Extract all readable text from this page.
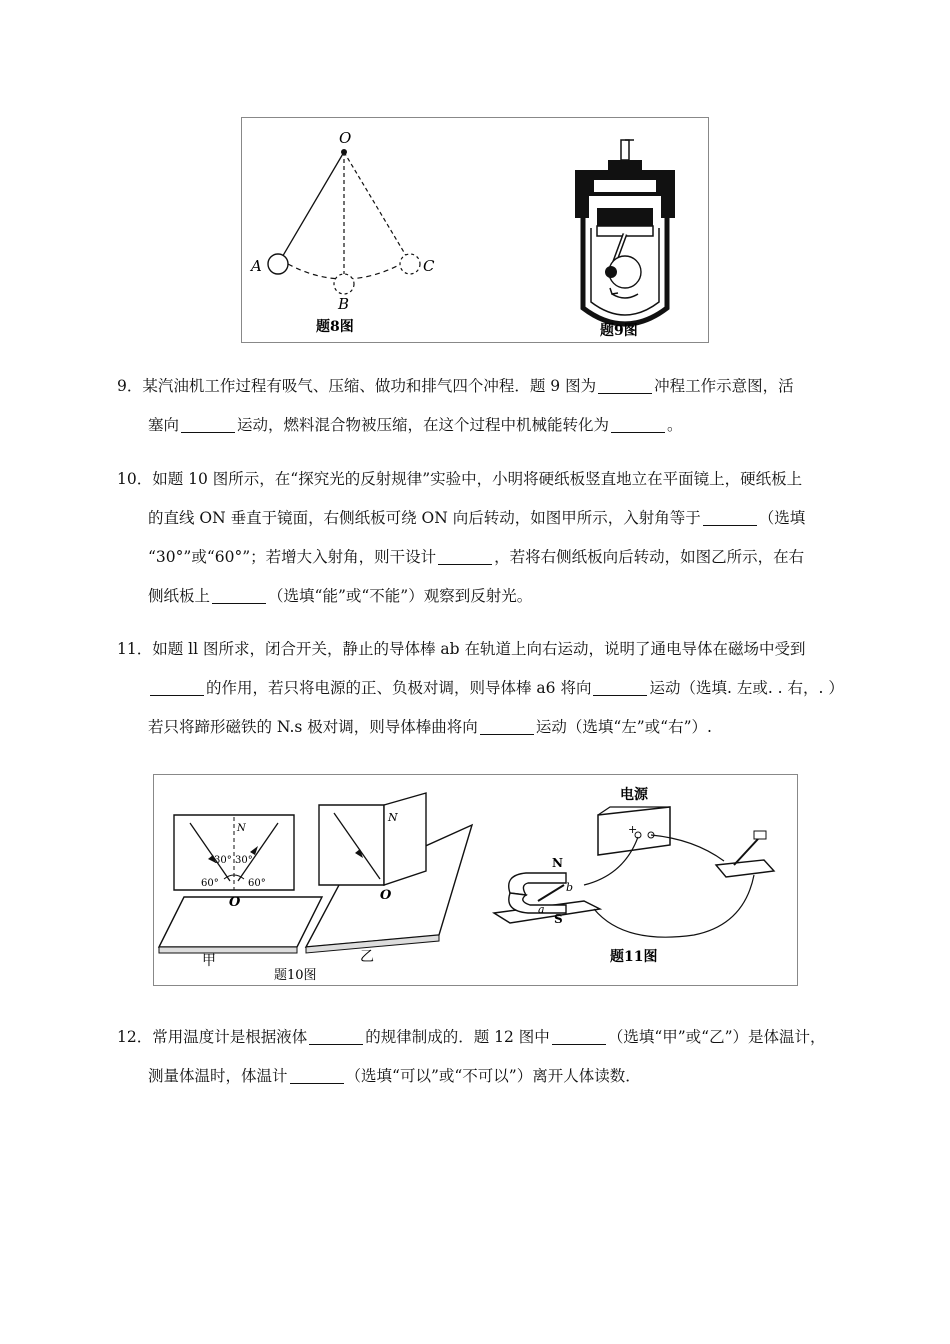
O
A
B
C
题8图	题9图
9．某汽油机工作过程有吸气、压缩、做功和排气四个冲程．题 9 图为	冲程工作示意图，活
塞向	运动，燃料混合物被压缩，在这个过程中机械能转化为	。
10．如题 10 图所示，在“探究光的反射规律”实验中，小明将硬纸板竖直地立在平面镜上，硬纸板上
的直线 ON 垂直于镜面，右侧纸板可绕 ON 向后转动，如图甲所示，入射角等于	（选填
“30°”或“60°”；若增大入射角，则干设计	，若将右侧纸板向后转动，如图乙所示，在右
侧纸板上	（选填“能”或“不能”）观察到反射光。
11．如题 ll 图所求，闭合开关，静止的导体棒 ab 在轨道上向右运动，说明了通电导体在磁场中受到
的作用，若只将电源的正、负极对调，则导体棒 a6 将向	运动（选填. 左或. . 右，. ）
若只将蹄形磁铁的 N.s 极对调，则导体棒曲将向	运动（选填“左”或“右”）.
N
30° 30°
60°	60°
O
甲
N
O
乙
题10图
电源
+
N
S
a
b
题11图
12．常用温度计是根据液体	的规律制成的．题 12 图中	（选填“甲”或“乙”）是体温计，
测量体温时，体温计	（选填“可以”或“不可以”）离开人体读数．
